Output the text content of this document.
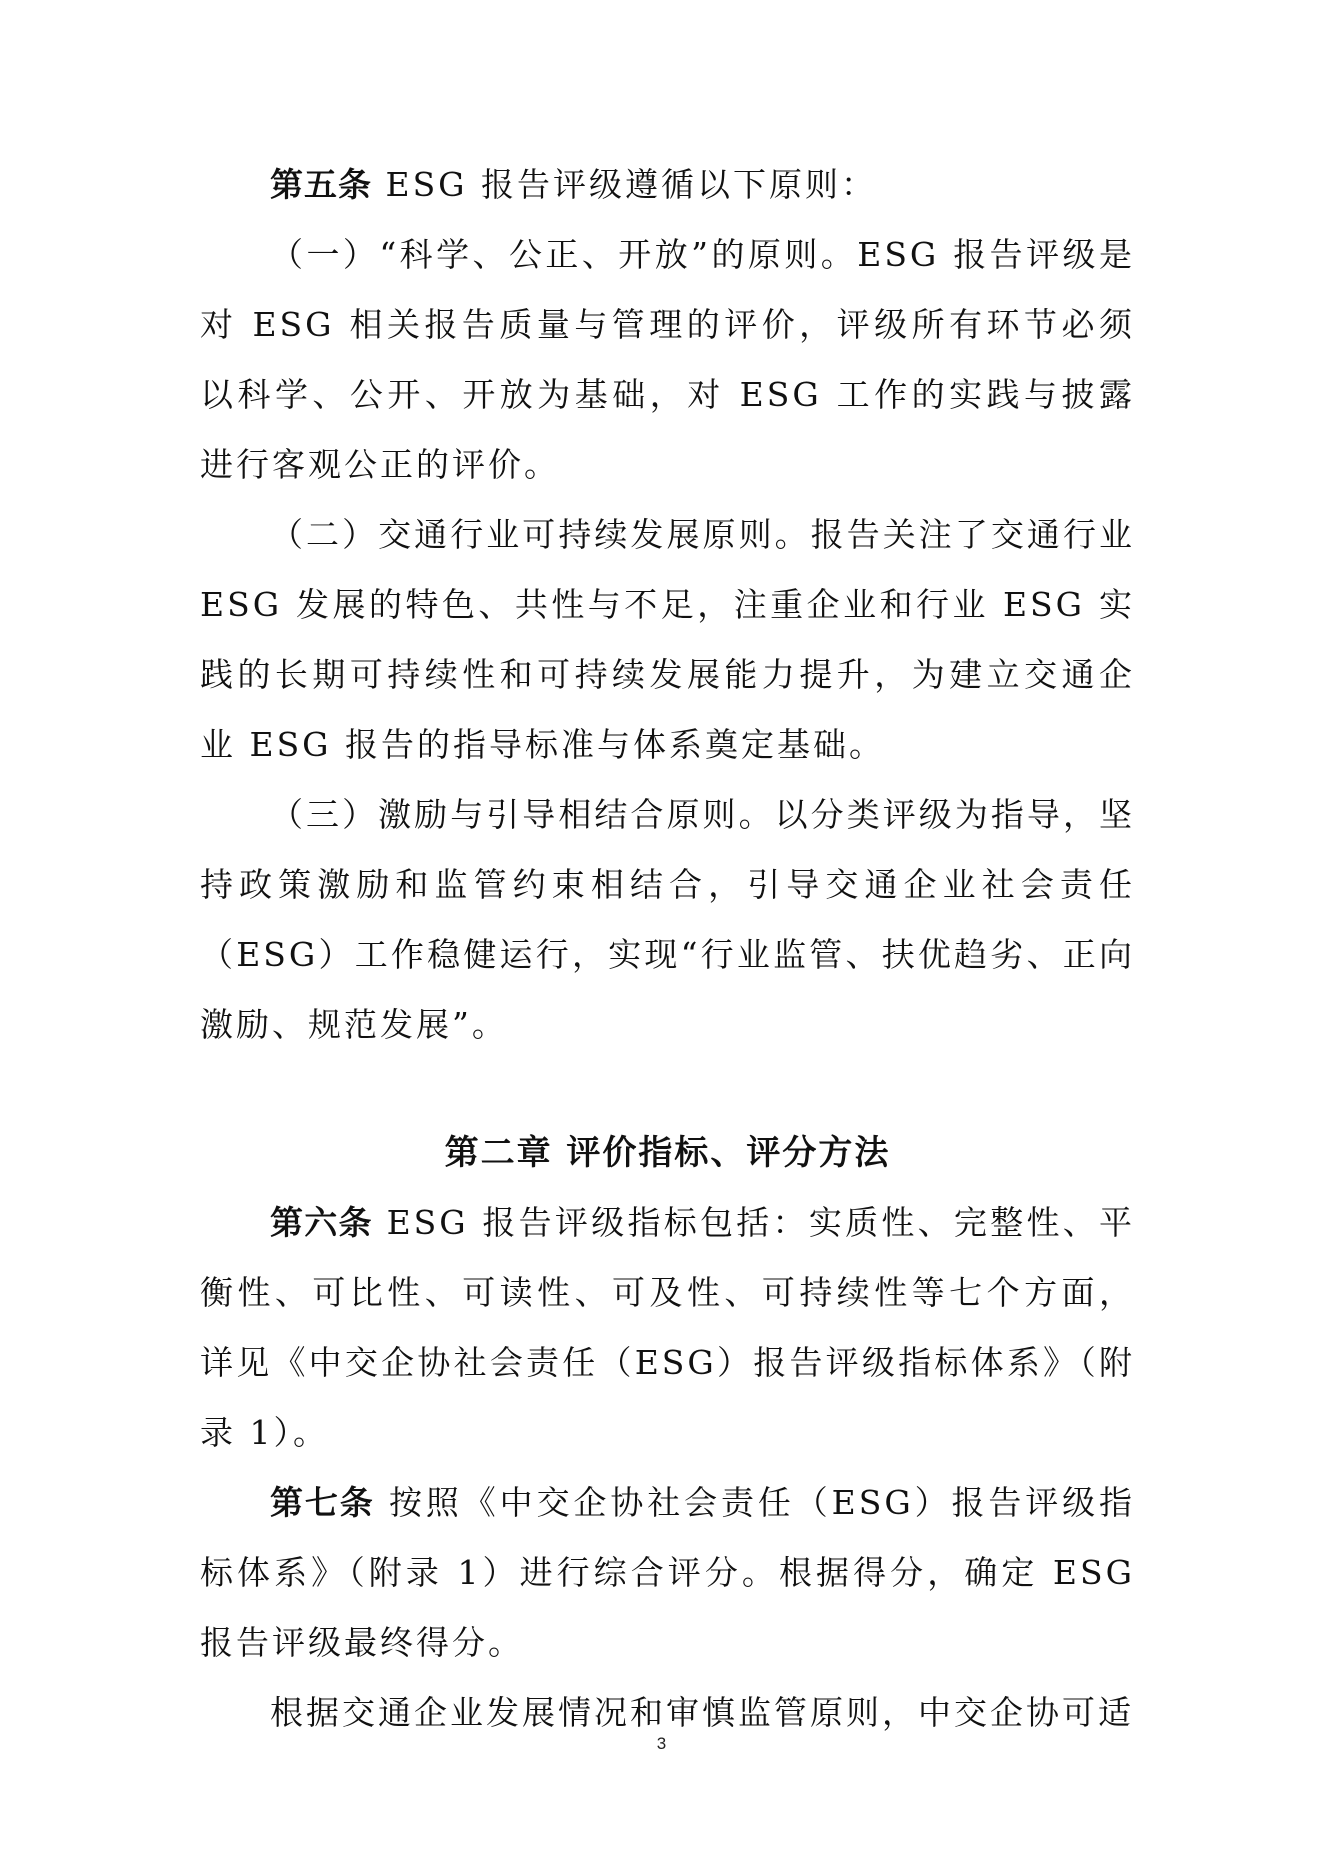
第五条 ESG 报告评级遵循以下原则：

（一）“科学、公正、开放”的原则。ESG 报告评级是对 ESG 相关报告质量与管理的评价，评级所有环节必须以科学、公开、开放为基础，对 ESG 工作的实践与披露进行客观公正的评价。

（二）交通行业可持续发展原则。报告关注了交通行业 ESG 发展的特色、共性与不足，注重企业和行业 ESG 实践的长期可持续性和可持续发展能力提升，为建立交通企业 ESG 报告的指导标准与体系奠定基础。

（三）激励与引导相结合原则。以分类评级为指导，坚持政策激励和监管约束相结合，引导交通企业社会责任（ESG）工作稳健运行，实现“行业监管、扶优趋劣、正向激励、规范发展”。

第二章 评价指标、评分方法

第六条 ESG 报告评级指标包括：实质性、完整性、平衡性、可比性、可读性、可及性、可持续性等七个方面，详见《中交企协社会责任（ESG）报告评级指标体系》（附录 1）。

第七条 按照《中交企协社会责任（ESG）报告评级指标体系》（附录 1）进行综合评分。根据得分，确定 ESG 报告评级最终得分。

根据交通企业发展情况和审慎监管原则，中交企协可适

3
